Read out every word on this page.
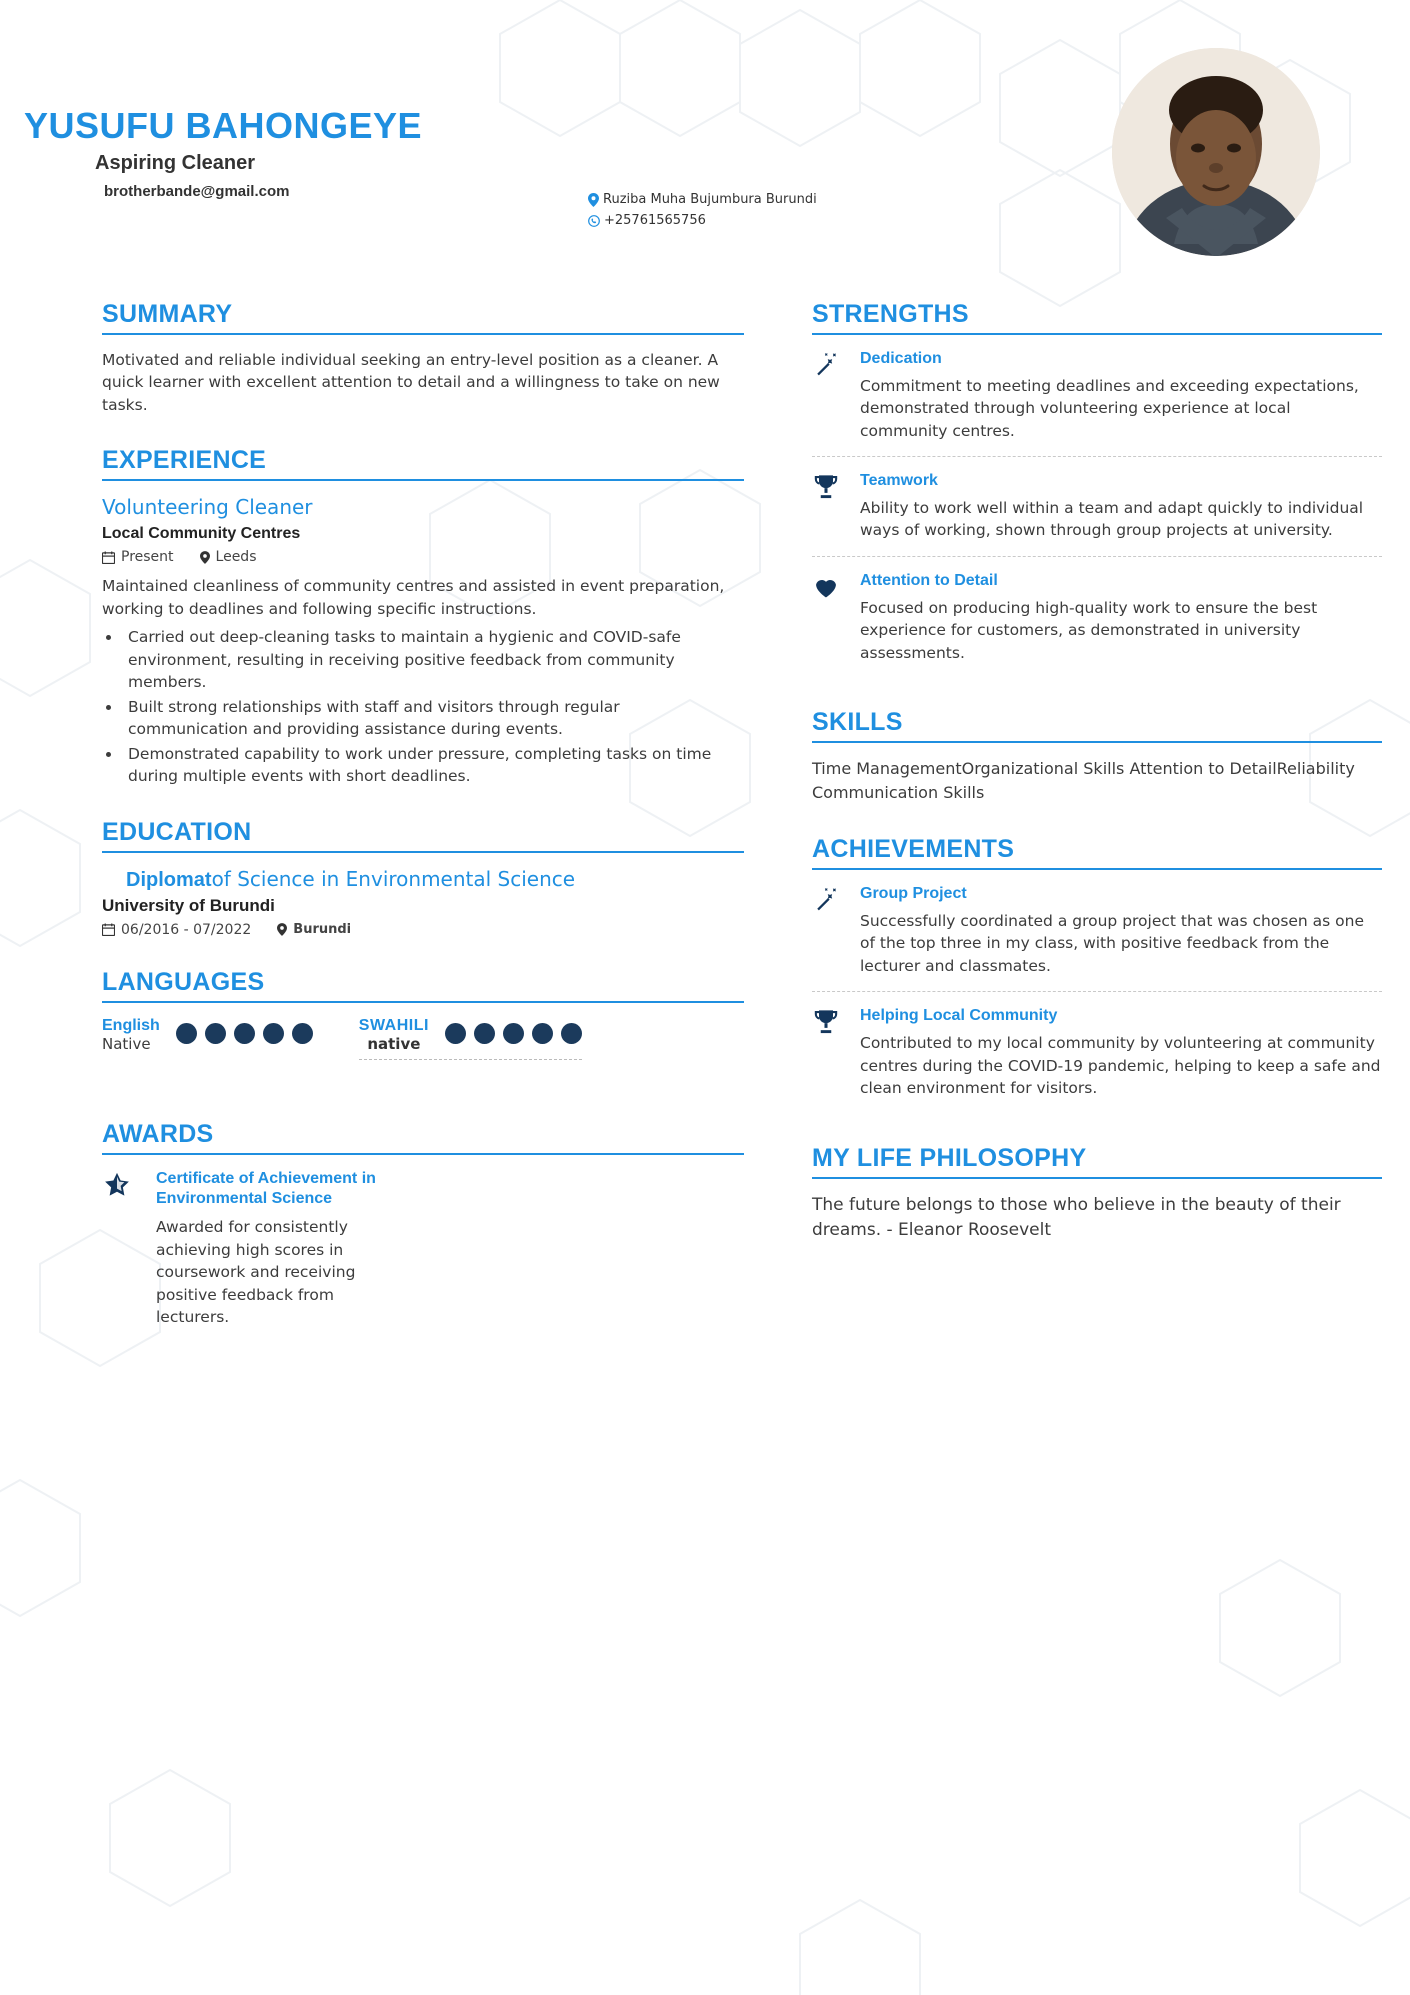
YUSUFU BAHONGEYE
Aspiring Cleaner
brotherbande@gmail.com	Ruziba Muha Bujumbura Burundi
+25761565756
SUMMARY
Motivated and reliable individual seeking an entry-level position as a cleaner. A quick learner with excellent attention to detail and a willingness to take on new tasks.
EXPERIENCE
Volunteering Cleaner
Local Community Centres
Present	Leeds
Maintained cleanliness of community centres and assisted in event preparation, working to deadlines and following specific instructions.
• Carried out deep-cleaning tasks to maintain a hygienic and COVID-safe environment, resulting in receiving positive feedback from community members.
• Built strong relationships with staff and visitors through regular communication and providing assistance during events.
• Demonstrated capability to work under pressure, completing tasks on time during multiple events with short deadlines.
EDUCATION
Diplomatof Science in Environmental Science
University of Burundi
06/2016 - 07/2022	Burundi
LANGUAGES
English
Native
SWAHILI
native
AWARDS
Certificate of Achievement in Environmental Science
Awarded for consistently achieving high scores in coursework and receiving positive feedback from lecturers.
STRENGTHS
Dedication
Commitment to meeting deadlines and exceeding expectations, demonstrated through volunteering experience at local community centres.
Teamwork
Ability to work well within a team and adapt quickly to individual ways of working, shown through group projects at university.
Attention to Detail
Focused on producing high-quality work to ensure the best experience for customers, as demonstrated in university assessments.
SKILLS
Time ManagementOrganizational Skills Attention to DetailReliability Communication Skills
ACHIEVEMENTS
Group Project
Successfully coordinated a group project that was chosen as one of the top three in my class, with positive feedback from the lecturer and classmates.
Helping Local Community
Contributed to my local community by volunteering at community centres during the COVID-19 pandemic, helping to keep a safe and clean environment for visitors.
MY LIFE PHILOSOPHY
The future belongs to those who believe in the beauty of their dreams. - Eleanor Roosevelt
